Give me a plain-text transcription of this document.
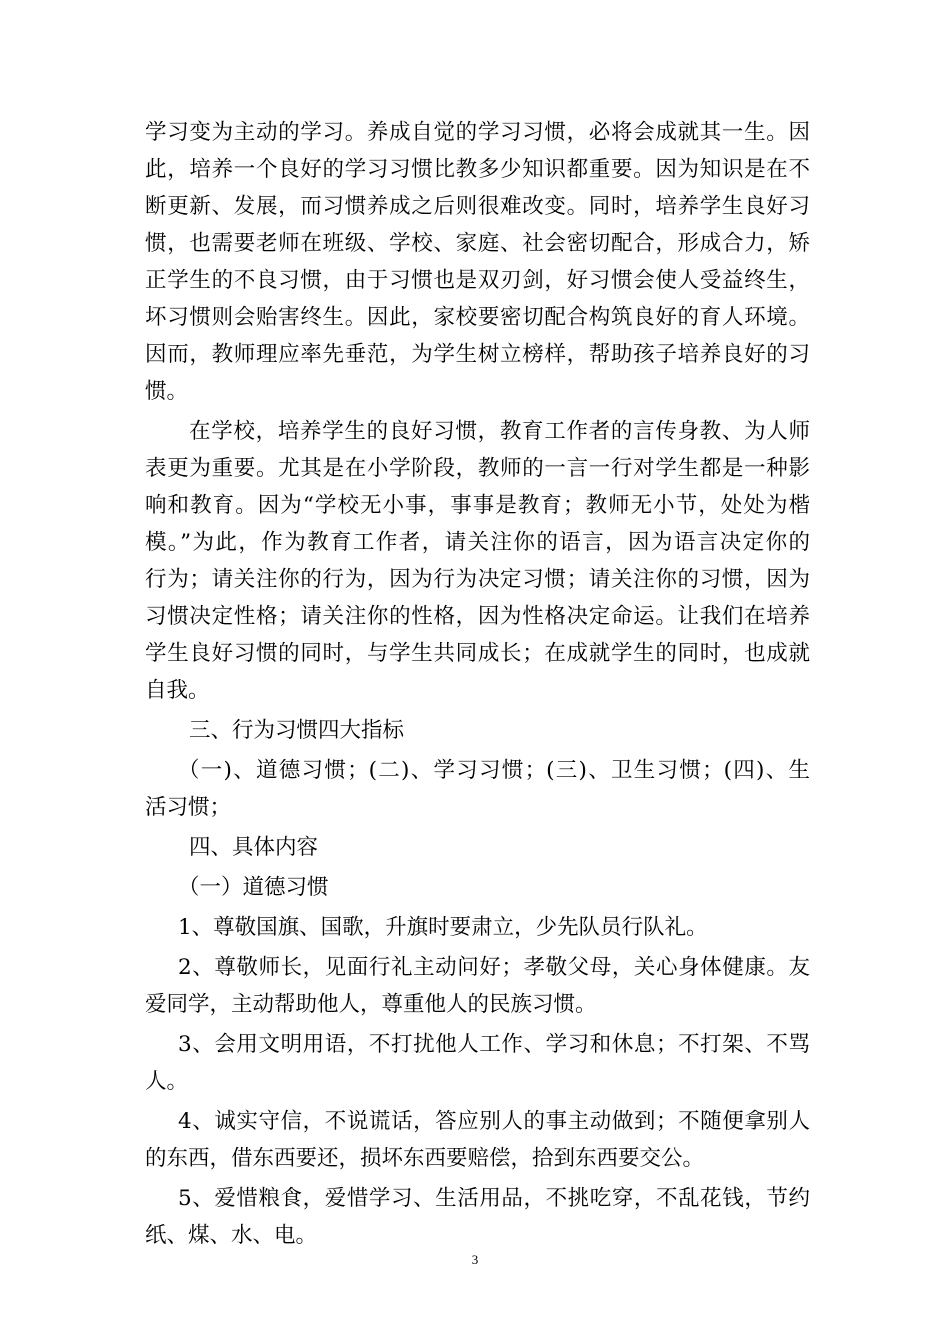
学习变为主动的学习。养成自觉的学习习惯，必将会成就其一生。因
此，培养一个良好的学习习惯比教多少知识都重要。因为知识是在不
断更新、发展，而习惯养成之后则很难改变。同时，培养学生良好习
惯，也需要老师在班级、学校、家庭、社会密切配合，形成合力，矫
正学生的不良习惯，由于习惯也是双刃剑，好习惯会使人受益终生，
坏习惯则会贻害终生。因此，家校要密切配合构筑良好的育人环境。
因而，教师理应率先垂范，为学生树立榜样，帮助孩子培养良好的习
惯。
在学校，培养学生的良好习惯，教育工作者的言传身教、为人师
表更为重要。尤其是在小学阶段，教师的一言一行对学生都是一种影
响和教育。因为“学校无小事，事事是教育；教师无小节，处处为楷
模。”为此，作为教育工作者，请关注你的语言，因为语言决定你的
行为；请关注你的行为，因为行为决定习惯；请关注你的习惯，因为
习惯决定性格；请关注你的性格，因为性格决定命运。让我们在培养
学生良好习惯的同时，与学生共同成长；在成就学生的同时，也成就
自我。
三、行为习惯四大指标
（一)、道德习惯；(二)、学习习惯；(三)、卫生习惯；(四)、生
活习惯；
四、具体内容
（一）道德习惯
1、尊敬国旗、国歌，升旗时要肃立，少先队员行队礼。
2、尊敬师长，见面行礼主动问好；孝敬父母，关心身体健康。友
爱同学，主动帮助他人，尊重他人的民族习惯。
3、会用文明用语，不打扰他人工作、学习和休息；不打架、不骂
人。
4、诚实守信，不说谎话，答应别人的事主动做到；不随便拿别人
的东西，借东西要还，损坏东西要赔偿，拾到东西要交公。
5、爱惜粮食，爱惜学习、生活用品，不挑吃穿，不乱花钱，节约
纸、煤、水、电。
3
